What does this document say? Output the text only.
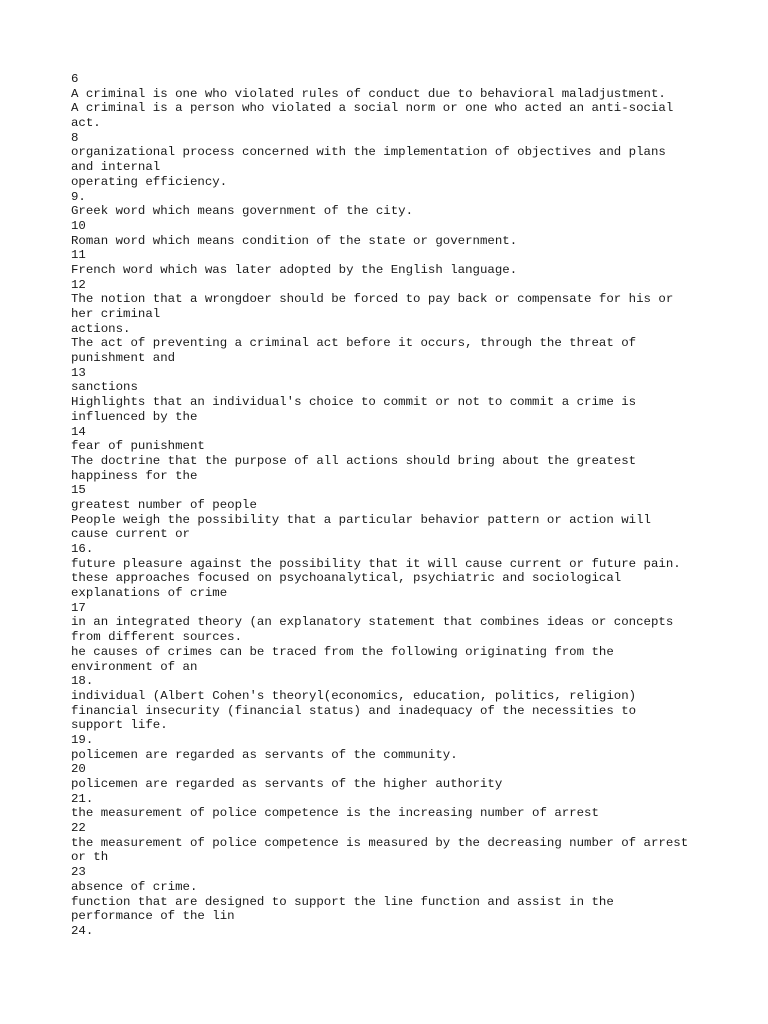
6
A criminal is one who violated rules of conduct due to behavioral maladjustment.
A criminal is a person who violated a social norm or one who acted an anti-social
act.
8
organizational process concerned with the implementation of objectives and plans
and internal
operating efficiency.
9.
Greek word which means government of the city.
10
Roman word which means condition of the state or government.
11
French word which was later adopted by the English language.
12
The notion that a wrongdoer should be forced to pay back or compensate for his or
her criminal
actions.
The act of preventing a criminal act before it occurs, through the threat of
punishment and
13
sanctions
Highlights that an individual's choice to commit or not to commit a crime is
influenced by the
14
fear of punishment
The doctrine that the purpose of all actions should bring about the greatest
happiness for the
15
greatest number of people
People weigh the possibility that a particular behavior pattern or action will
cause current or
16.
future pleasure against the possibility that it will cause current or future pain.
these approaches focused on psychoanalytical, psychiatric and sociological
explanations of crime
17
in an integrated theory (an explanatory statement that combines ideas or concepts
from different sources.
he causes of crimes can be traced from the following originating from the
environment of an
18.
individual (Albert Cohen's theoryl(economics, education, politics, religion)
financial insecurity (financial status) and inadequacy of the necessities to
support life.
19.
policemen are regarded as servants of the community.
20
policemen are regarded as servants of the higher authority
21.
the measurement of police competence is the increasing number of arrest
22
the measurement of police competence is measured by the decreasing number of arrest
or th
23
absence of crime.
function that are designed to support the line function and assist in the
performance of the lin
24.
